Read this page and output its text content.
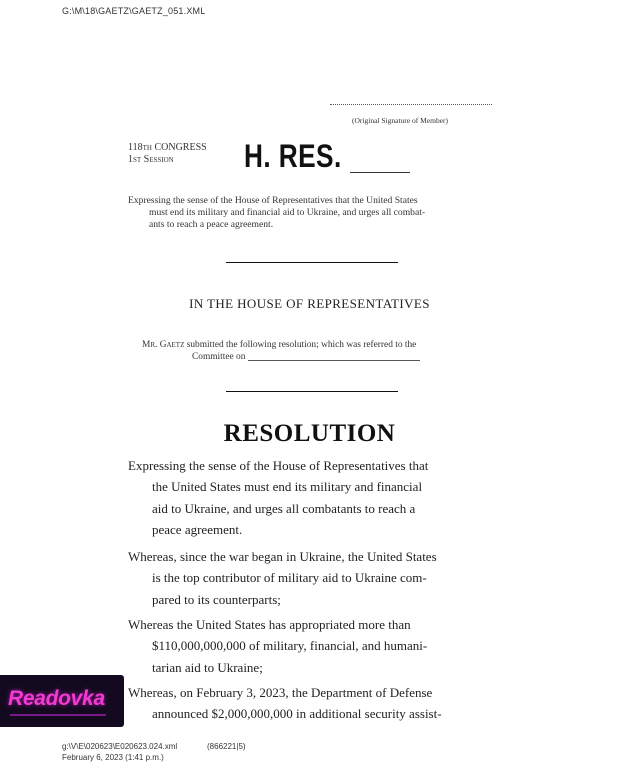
G:\M\18\GAETZ\GAETZ_051.XML
(Original Signature of Member)
118th CONGRESS
1st Session	H. RES.
Expressing the sense of the House of Representatives that the United States
must end its military and financial aid to Ukraine, and urges all combat-
ants to reach a peace agreement.
IN THE HOUSE OF REPRESENTATIVES
Mr. Gaetz submitted the following resolution; which was referred to the
Committee on
RESOLUTION
Expressing the sense of the House of Representatives that
the United States must end its military and financial
aid to Ukraine, and urges all combatants to reach a
peace agreement.
Whereas, since the war began in Ukraine, the United States
is the top contributor of military aid to Ukraine com-
pared to its counterparts;
Whereas the United States has appropriated more than
$110,000,000,000 of military, financial, and humani-
tarian aid to Ukraine;
Whereas, on February 3, 2023, the Department of Defense
announced $2,000,000,000 in additional security assist-
Readovka
g:\V\E\020623\E020623.024.xml	(866221|5)
February 6, 2023 (1:41 p.m.)
